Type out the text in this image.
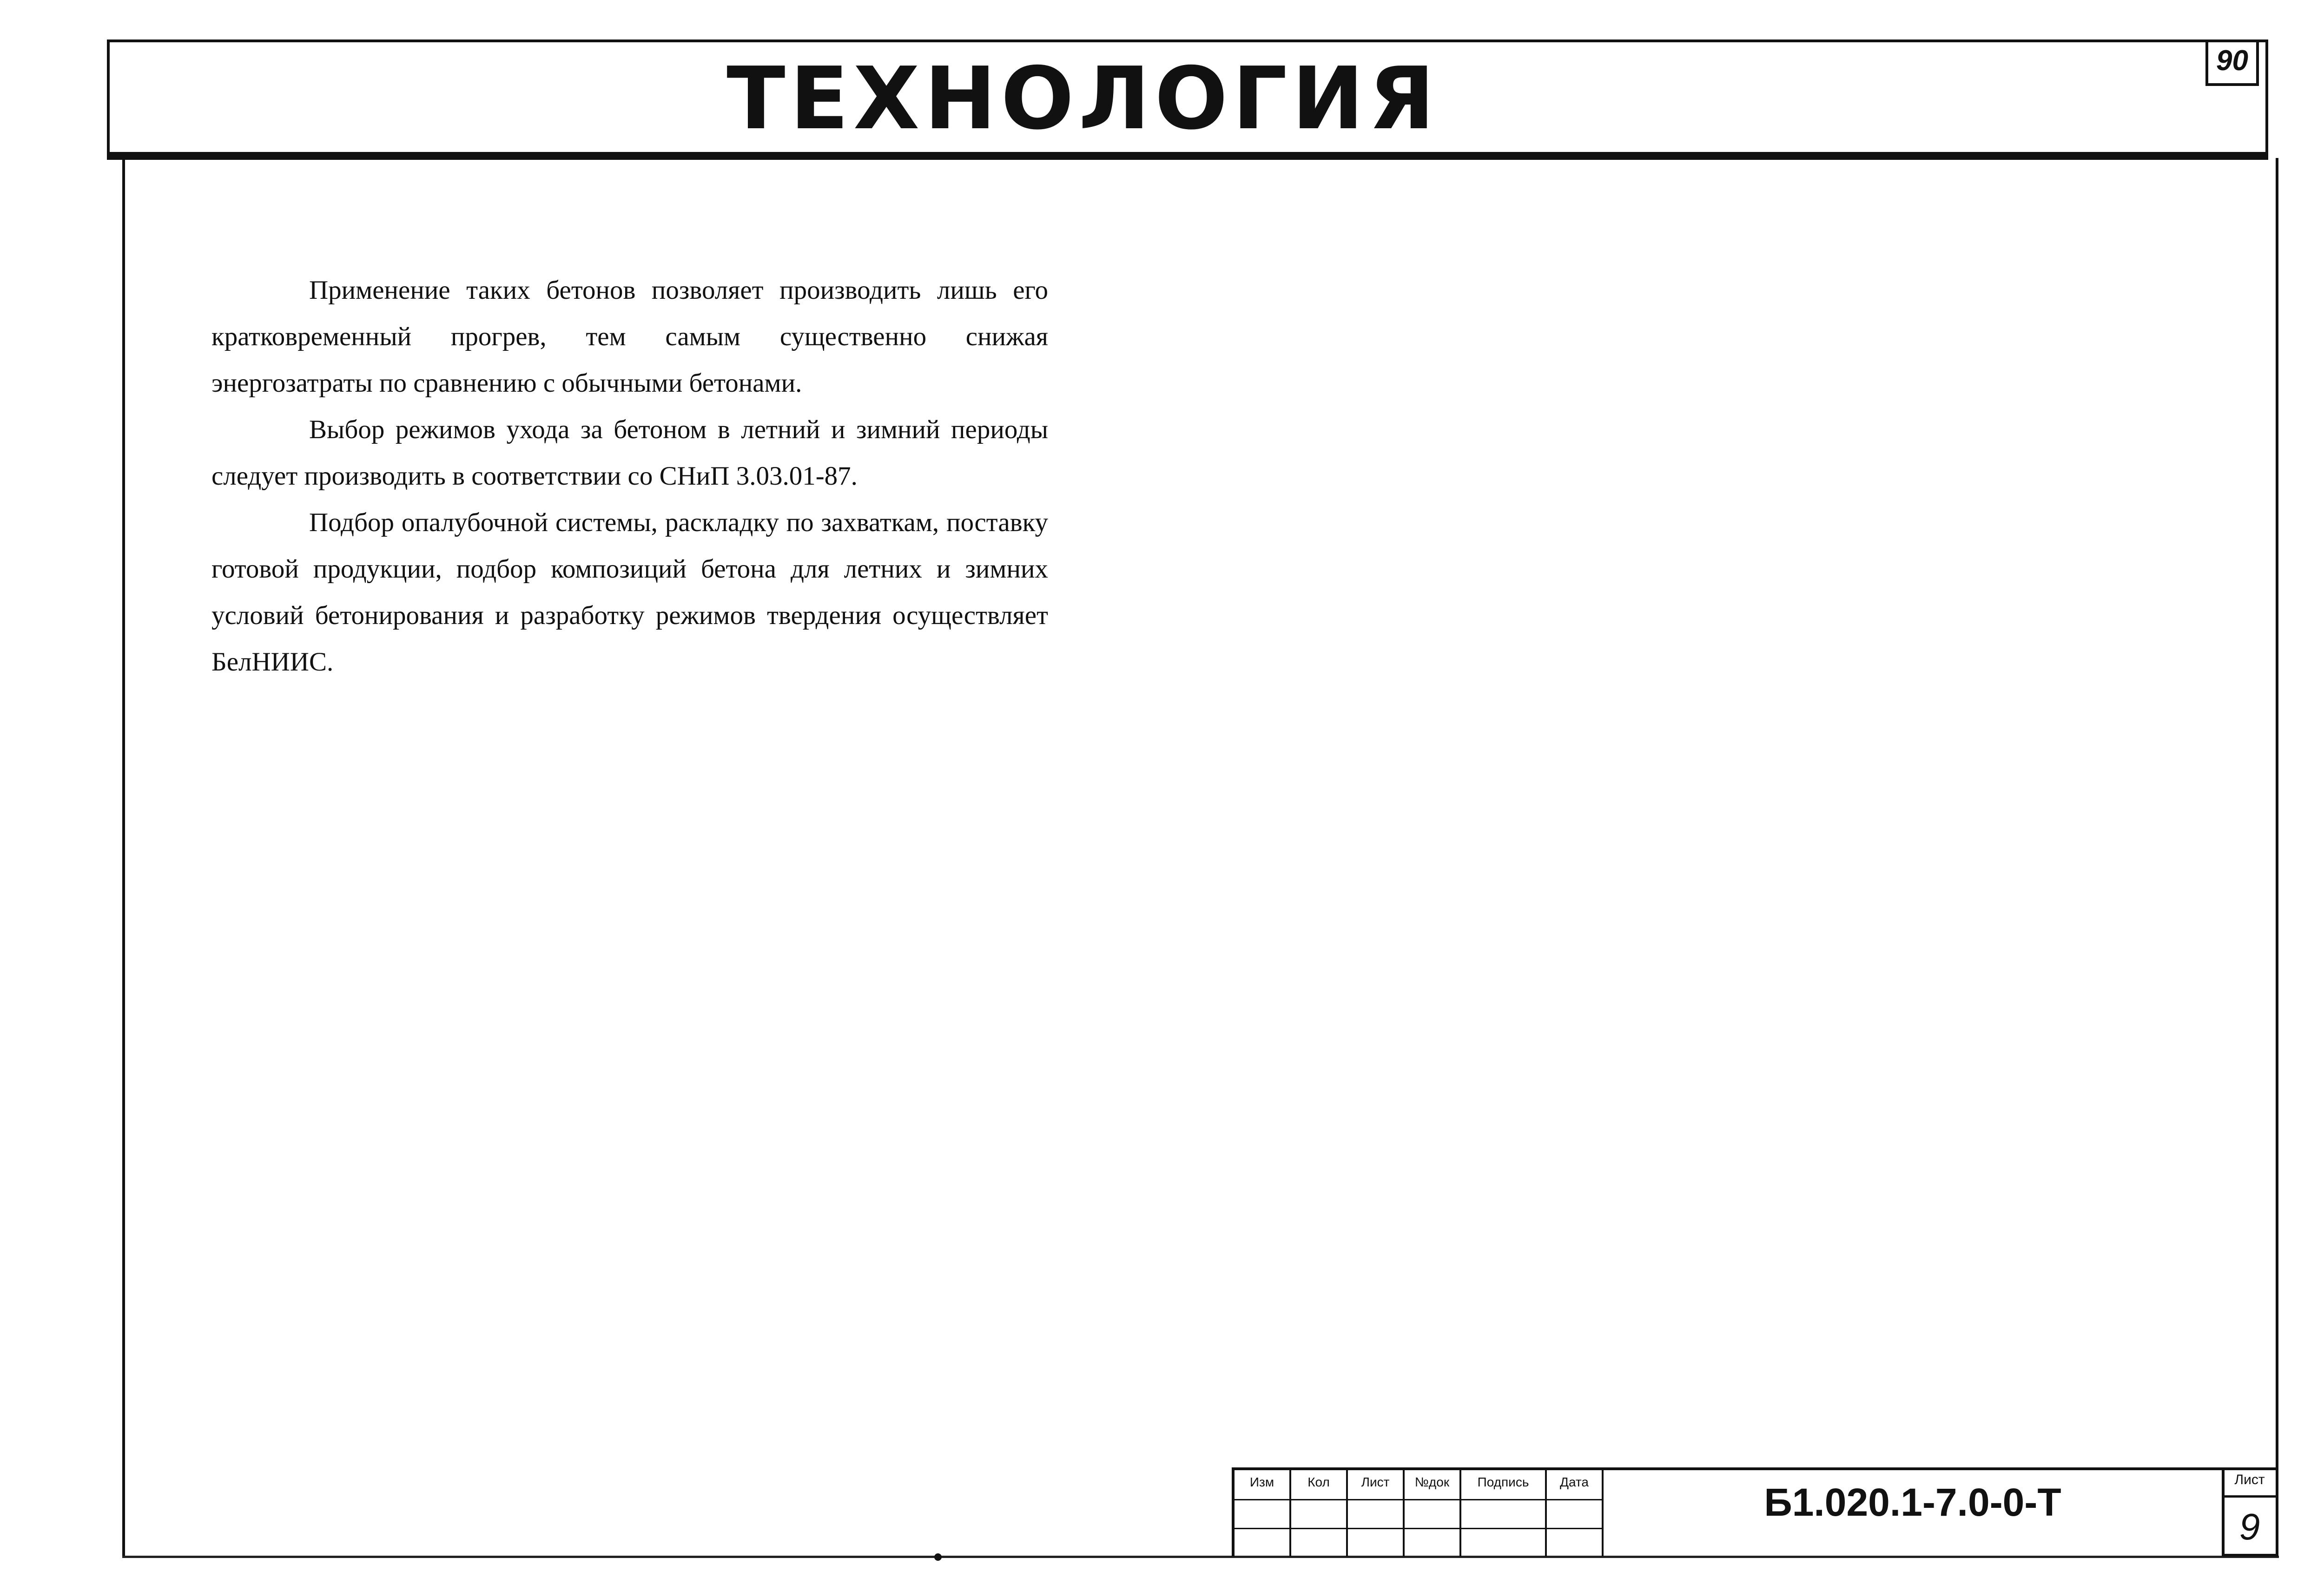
ТЕХНОЛОГИЯ	90

Применение таких бетонов позволяет производить лишь его кратковременный прогрев, тем самым существенно снижая энергозатраты по сравнению с обычными бетонами.

Выбор режимов ухода за бетоном в летний и зимний периоды следует производить в соответствии со СНиП 3.03.01-87.

Подбор опалубочной системы, раскладку по захваткам, поставку готовой продукции, подбор композиций бетона для летних и зимних условий бетонирования и разработку режимов твердения осуществляет БелНИИС.

Изм	Кол	Лист	№док	Подпись	Дата	Б1.020.1-7.0-0-Т
Лист
9
